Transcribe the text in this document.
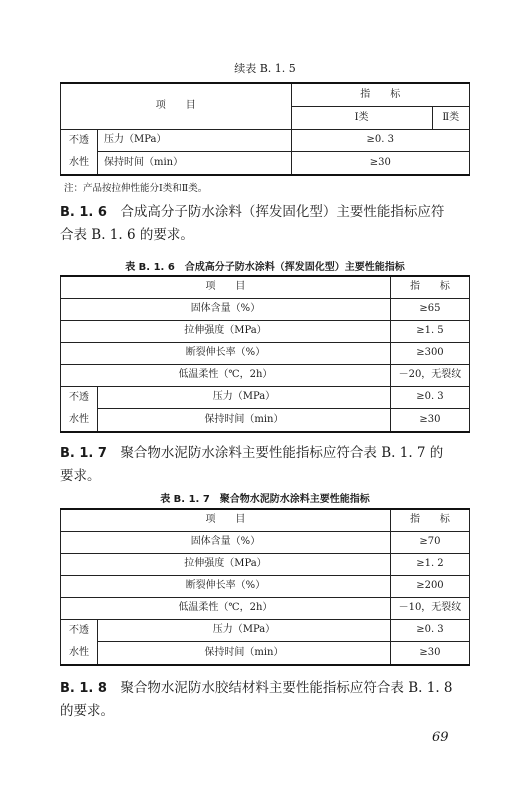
续表 B. 1. 5
项　　目		指　　标	
		Ⅰ类	Ⅱ类

不透
水性	压力（MPa）	≥0. 3	
	保持时间（min）	≥30	
注：产品按拉伸性能分Ⅰ类和Ⅱ类。
B. 1. 6　 合成高分子防水涂料（挥发固化型）主要性能指标应符
合表 B. 1. 6 的要求。
表 B. 1. 6　合成高分子防水涂料（挥发固化型）主要性能指标
项　　目		指　　标
固体含量（%）		≥65
拉伸强度（MPa）		≥1. 5
断裂伸长率（%）		≥300
低温柔性（℃，2h）		－20，无裂纹

不透
水性	压力（MPa）	≥0. 3
	保持时间（min）	≥30
B. 1. 7　 聚合物水泥防水涂料主要性能指标应符合表 B. 1. 7 的
要求。
表 B. 1. 7　聚合物水泥防水涂料主要性能指标
项　　目		指　　标
固体含量（%）		≥70
拉伸强度（MPa）		≥1. 2
断裂伸长率（%）		≥200
低温柔性（℃，2h）		－10，无裂纹

不透
水性	压力（MPa）	≥0. 3
	保持时间（min）	≥30
B. 1. 8　 聚合物水泥防水胶结材料主要性能指标应符合表 B. 1. 8
的要求。
69
